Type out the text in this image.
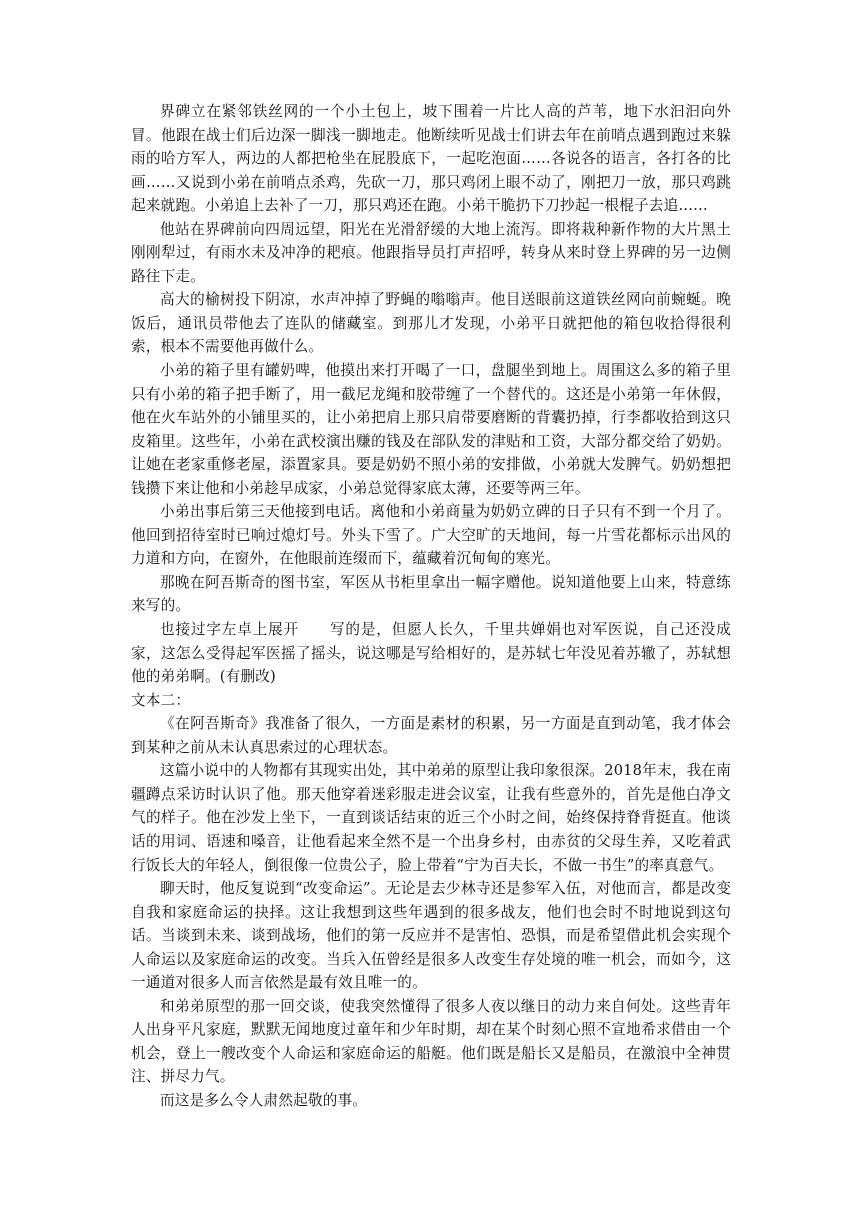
界碑立在紧邻铁丝网的一个小土包上，坡下围着一片比人高的芦苇，地下水汩汩向外冒。他跟在战士们后边深一脚浅一脚地走。他断续听见战士们讲去年在前哨点遇到跑过来躲雨的哈方军人，两边的人都把枪坐在屁股底下，一起吃泡面……各说各的语言，各打各的比画……又说到小弟在前哨点杀鸡，先砍一刀，那只鸡闭上眼不动了，刚把刀一放，那只鸡跳起来就跑。小弟追上去补了一刀，那只鸡还在跑。小弟干脆扔下刀抄起一根棍子去追……

他站在界碑前向四周远望，阳光在光滑舒缓的大地上流泻。即将栽种新作物的大片黑土刚刚犁过，有雨水未及冲净的耙痕。他跟指导员打声招呼，转身从来时登上界碑的另一边侧路往下走。

高大的榆树投下阴凉，水声冲掉了野蝇的嗡嗡声。他目送眼前这道铁丝网向前蜿蜒。晚饭后，通讯员带他去了连队的储藏室。到那儿才发现，小弟平日就把他的箱包收拾得很利索，根本不需要他再做什么。

小弟的箱子里有罐奶啤，他摸出来打开喝了一口，盘腿坐到地上。周围这么多的箱子里只有小弟的箱子把手断了，用一截尼龙绳和胶带缠了一个替代的。这还是小弟第一年休假，他在火车站外的小铺里买的，让小弟把肩上那只肩带要磨断的背囊扔掉，行李都收拾到这只皮箱里。这些年，小弟在武校演出赚的钱及在部队发的津贴和工资，大部分都交给了奶奶。让她在老家重修老屋，添置家具。要是奶奶不照小弟的安排做，小弟就大发脾气。奶奶想把钱攒下来让他和小弟趁早成家，小弟总觉得家底太薄，还要等两三年。

小弟出事后第三天他接到电话。离他和小弟商量为奶奶立碑的日子只有不到一个月了。他回到招待室时已响过熄灯号。外头下雪了。广大空旷的天地间，每一片雪花都标示出风的力道和方向，在窗外，在他眼前连缀而下，蕴藏着沉甸甸的寒光。

那晚在阿吾斯奇的图书室，军医从书柜里拿出一幅字赠他。说知道他要上山来，特意练来写的。

也接过字左卓上展开　　写的是，但愿人长久，千里共婵娟也对军医说，自己还没成家，这怎么受得起军医摇了摇头，说这哪是写给相好的，是苏轼七年没见着苏辙了，苏轼想他的弟弟啊。(有删改)

文本二：

《在阿吾斯奇》我准备了很久，一方面是素材的积累，另一方面是直到动笔，我才体会到某种之前从未认真思索过的心理状态。

这篇小说中的人物都有其现实出处，其中弟弟的原型让我印象很深。2018年末，我在南疆蹲点采访时认识了他。那天他穿着迷彩服走进会议室，让我有些意外的，首先是他白净文气的样子。他在沙发上坐下，一直到谈话结束的近三个小时之间，始终保持脊背挺直。他谈话的用词、语速和嗓音，让他看起来全然不是一个出身乡村，由赤贫的父母生养，又吃着武行饭长大的年轻人，倒很像一位贵公子，脸上带着“宁为百夫长，不做一书生”的率真意气。

聊天时，他反复说到“改变命运”。无论是去少林寺还是参军入伍，对他而言，都是改变自我和家庭命运的抉择。这让我想到这些年遇到的很多战友，他们也会时不时地说到这句话。当谈到未来、谈到战场，他们的第一反应并不是害怕、恐惧，而是希望借此机会实现个人命运以及家庭命运的改变。当兵入伍曾经是很多人改变生存处境的唯一机会，而如今，这一通道对很多人而言依然是最有效且唯一的。

和弟弟原型的那一回交谈，使我突然懂得了很多人夜以继日的动力来自何处。这些青年人出身平凡家庭，默默无闻地度过童年和少年时期，却在某个时刻心照不宣地希求借由一个机会，登上一艘改变个人命运和家庭命运的船艇。他们既是船长又是船员，在激浪中全神贯注、拼尽力气。

而这是多么令人肃然起敬的事。
